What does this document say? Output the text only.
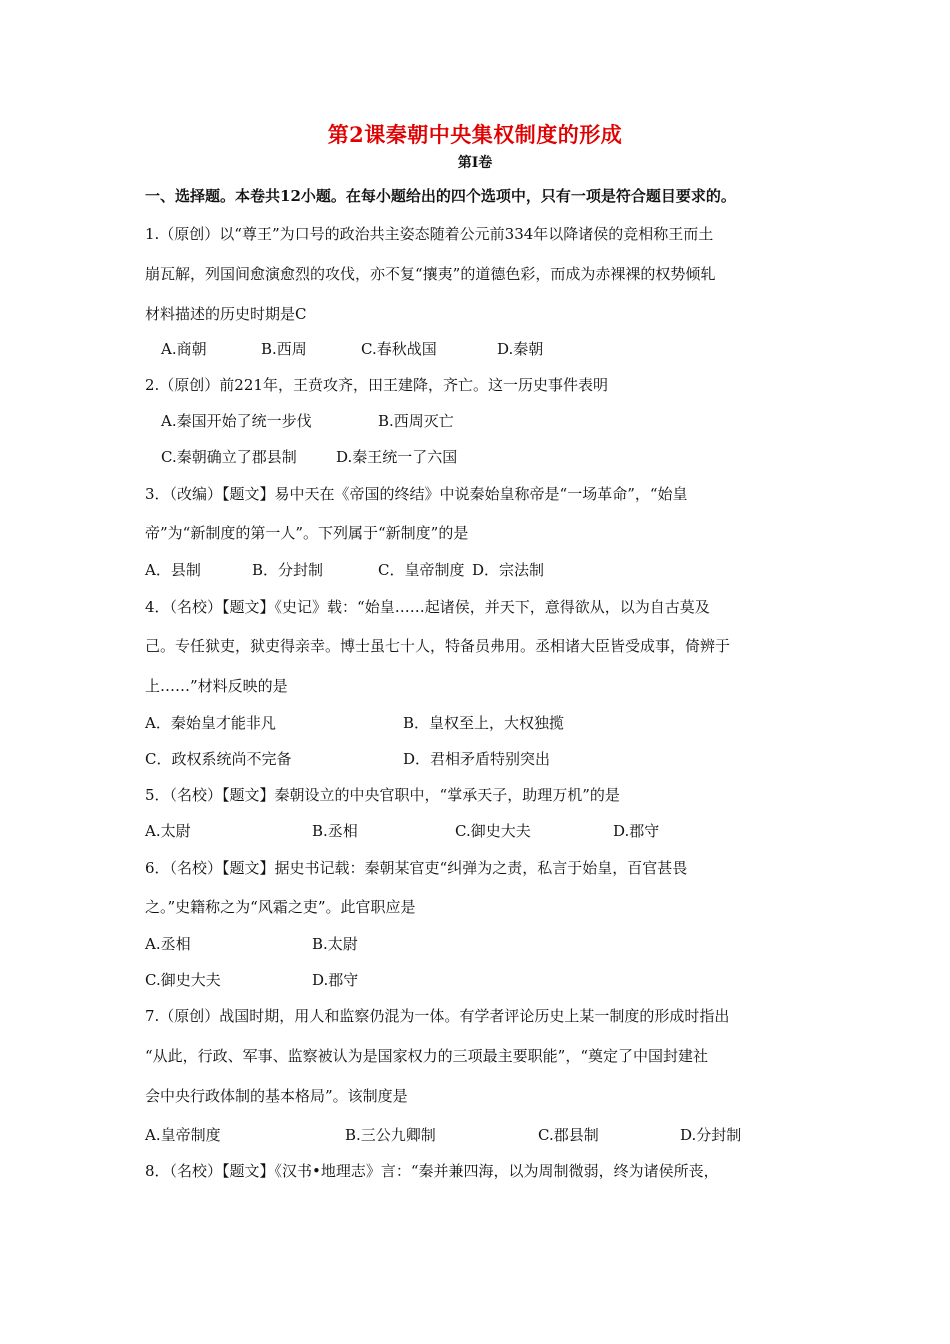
第2课秦朝中央集权制度的形成
第Ⅰ卷
一、选择题。本卷共12小题。在每小题给出的四个选项中，只有一项是符合题目要求的。
1.（原创）以“尊王”为口号的政治共主姿态随着公元前334年以降诸侯的竞相称王而土
崩瓦解，列国间愈演愈烈的攻伐，亦不复“攘夷”的道德色彩，而成为赤裸裸的权势倾轧
材料描述的历史时期是C
A.商朝	B.西周	C.春秋战国	D.秦朝
2.（原创）前221年，王贲攻齐，田王建降，齐亡。这一历史事件表明
A.秦国开始了统一步伐	B.西周灭亡
C.秦朝确立了郡县制	D.秦王统一了六国
3．（改编）【题文】易中天在《帝国的终结》中说秦始皇称帝是“一场革命”，“始皇
帝”为“新制度的第一人”。下列属于“新制度”的是
A．县制	B．分封制	C．皇帝制度 D．宗法制
4．（名校）【题文】《史记》载：“始皇……起诸侯，并天下，意得欲从，以为自古莫及
己。专任狱吏，狱吏得亲幸。博士虽七十人，特备员弗用。丞相诸大臣皆受成事，倚辨于
上……”材料反映的是
A．秦始皇才能非凡	B．皇权至上，大权独揽
C．政权系统尚不完备	D．君相矛盾特别突出
5．（名校）【题文】秦朝设立的中央官职中，“掌承天子，助理万机”的是
A.太尉	B.丞相	C.御史大夫	D.郡守
6．（名校）【题文】据史书记载：秦朝某官吏“纠弹为之责，私言于始皇，百官甚畏
之。”史籍称之为“风霜之吏”。此官职应是
A.丞相	B.太尉
C.御史大夫	D.郡守
7.（原创）战国时期，用人和监察仍混为一体。有学者评论历史上某一制度的形成时指出
“从此，行政、军事、监察被认为是国家权力的三项最主要职能”，“奠定了中国封建社
会中央行政体制的基本格局”。该制度是
A.皇帝制度	B.三公九卿制	C.郡县制	D.分封制
8．（名校）【题文】《汉书•地理志》言：“秦并兼四海，以为周制微弱，终为诸侯所丧，
